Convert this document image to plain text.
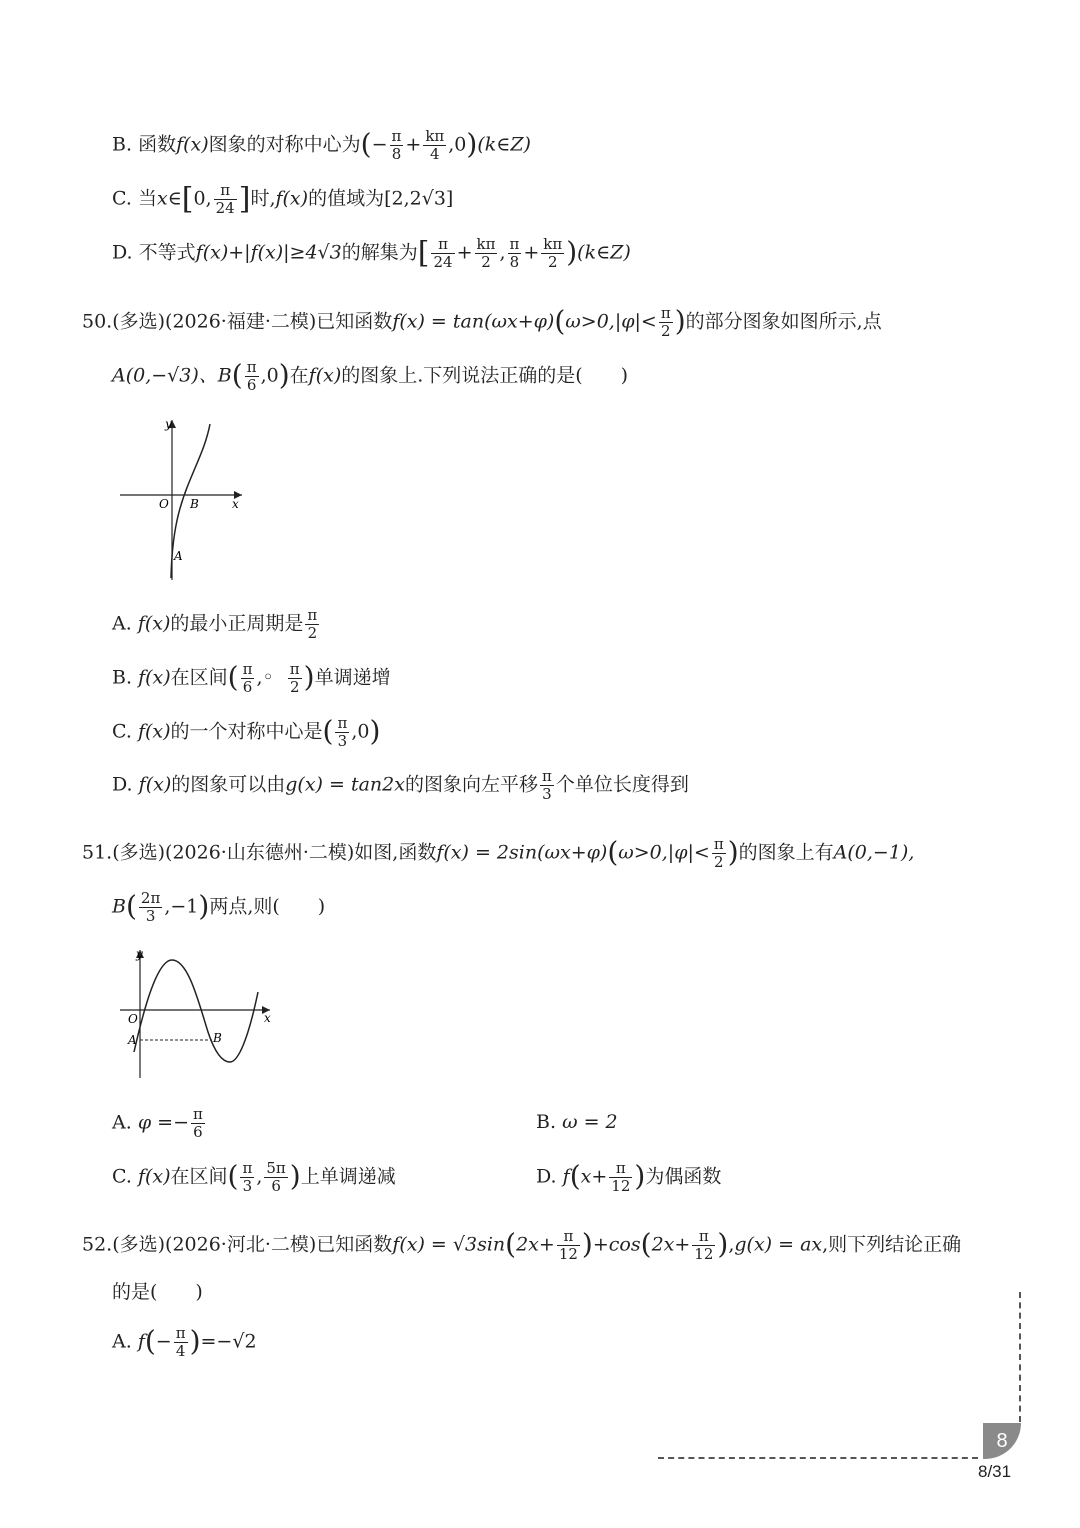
B. 函数f(x)图象的对称中心为(− $\frac{\pi}{8} + \frac{k\pi}{4}$ ,0)(k∈Z)
C. 当x∈[0, $\frac{\pi}{24}$ ]时,f(x)的值域为[2,2√3]
D. 不等式f(x)+|f(x)|≥4√3的解集为[ $\frac{\pi}{24} + \frac{k\pi}{2}$ , $\frac{\pi}{8} + \frac{k\pi}{2}$ )(k∈Z)
50.(多选)(2026·福建·二模)已知函数$f(x) = \tan(\omega x+\varphi)(\omega>0,|\varphi|< \frac{\pi}{2}$ )的部分图象如图所示,点
A(0,−√3)、$B( \frac{\pi}{6} ,0)$在f(x)的图象上.下列说法正确的是(　　)
y
x
O B
A
A. f(x)的最小正周期是 $\frac{\pi}{2}$
B. f(x)在区间( $\frac{\pi}{6}$ ,◦ $\frac{\pi}{2}$ )单调递增
C. f(x)的一个对称中心是( $\frac{\pi}{3} ,0$)
D. f(x)的图象可以由g(x) = tan2x的图象向左平移 $\frac{\pi}{3}$ 个单位长度得到
51.(多选)(2026·山东德州·二模)如图,函数$f(x) = 2\sin(\omega x+\varphi)(\omega>0,|\varphi|< \frac{\pi}{2}$ )的图象上有A(0,−1),
$B( \frac{2\pi}{3} ,-1)$两点,则(　　)
y
x
O
A	B
A. $\varphi =- \frac{\pi}{6}$	B. ω = 2
C. f(x)在区间( $\frac{\pi}{3}$ , $\frac{5\pi}{6}$ )上单调递减	D. $f(x+ \frac{\pi}{12}$ )为偶函数
52.(多选)(2026·河北·二模)已知函数$f(x) = √3\sin(2x+ \frac{\pi}{12} )+\cos(2x+ \frac{\pi}{12} ),g(x)$ = ax,则下列结论正确
的是(　　)
A. $f(- \frac{\pi}{4} )=-√2$
8
8/31
